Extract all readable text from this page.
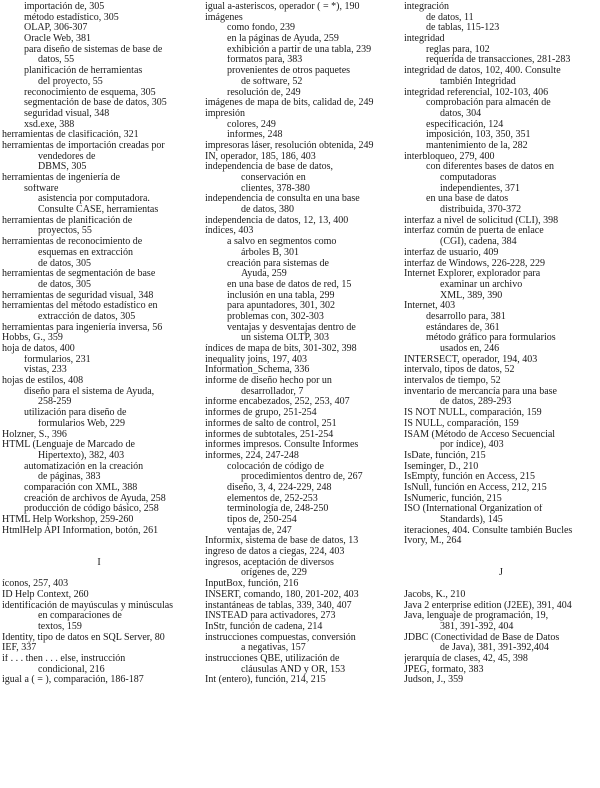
importación de, 305
método estadístico, 305
OLAP, 306-307
Oracle Web, 381
para diseño de sistemas de base de
datos, 55
planificación de herramientas
del proyecto, 55
reconocimiento de esquema, 305
segmentación de base de datos, 305
seguridad visual, 348
xsd.exe, 388
herramientas de clasificación, 321
herramientas de importación creadas por
vendedores de
DBMS, 305
herramientas de ingeniería de
software
asistencia por computadora.
Consulte CASE, herramientas
herramientas de planificación de
proyectos, 55
herramientas de reconocimiento de
esquemas en extracción
de datos, 305
herramientas de segmentación de base
de datos, 305
herramientas de seguridad visual, 348
herramientas del método estadístico en
extracción de datos, 305
herramientas para ingeniería inversa, 56
Hobbs, G., 359
hoja de datos, 400
formularios, 231
vistas, 233
hojas de estilos, 408
diseño para el sistema de Ayuda,
258-259
utilización para diseño de
formularios Web, 229
Holzner, S., 396
HTML (Lenguaje de Marcado de
Hipertexto), 382, 403
automatización en la creación
de páginas, 383
comparación con XML, 388
creación de archivos de Ayuda, 258
producción de código básico, 258
HTML Help Workshop, 259-260
HtmlHelp API Information, botón, 261
I
íconos, 257, 403
ID Help Context, 260
identificación de mayúsculas y minúsculas
en comparaciones de
textos, 159
Identity, tipo de datos en SQL Server, 80
IEF, 337
if . . . then . . . else, instrucción
condicional, 216
igual a ( = ), comparación, 186-187
igual a-asteriscos, operador ( = *), 190
imágenes
como fondo, 239
en la páginas de Ayuda, 259
exhibición a partir de una tabla, 239
formatos para, 383
provenientes de otros paquetes
de software, 52
resolución de, 249
imágenes de mapa de bits, calidad de, 249
impresión
colores, 249
informes, 248
impresoras láser, resolución obtenida, 249
IN, operador, 185, 186, 403
independencia de base de datos,
conservación en
clientes, 378-380
independencia de consulta en una base
de datos, 380
independencia de datos, 12, 13, 400
índices, 403
a salvo en segmentos como
árboles B, 301
creación para sistemas de
Ayuda, 259
en una base de datos de red, 15
inclusión en una tabla, 299
para apuntadores, 301, 302
problemas con, 302-303
ventajas y desventajas dentro de
un sistema OLTP, 303
índices de mapa de bits, 301-302, 398
inequality joins, 197, 403
Information_Schema, 336
informe de diseño hecho por un
desarrollador, 7
informe encabezados, 252, 253, 407
informes de grupo, 251-254
informes de salto de control, 251
informes de subtotales, 251-254
informes impresos. Consulte Informes
informes, 224, 247-248
colocación de código de
procedimientos dentro de, 267
diseño, 3, 4, 224-229, 248
elementos de, 252-253
terminología de, 248-250
tipos de, 250-254
ventajas de, 247
Informix, sistema de base de datos, 13
ingreso de datos a ciegas, 224, 403
ingresos, aceptación de diversos
orígenes de, 229
InputBox, función, 216
INSERT, comando, 180, 201-202, 403
instantáneas de tablas, 339, 340, 407
INSTEAD para activadores, 273
InStr, función de cadena, 214
instrucciones compuestas, conversión
a negativas, 157
instrucciones QBE, utilización de
cláusulas AND y OR, 153
Int (entero), función, 214, 215
integración
de datos, 11
de tablas, 115-123
integridad
reglas para, 102
requerida de transacciones, 281-283
integridad de datos, 102, 400. Consulte
también Integridad
integridad referencial, 102-103, 406
comprobación para almacén de
datos, 304
especificación, 124
imposición, 103, 350, 351
mantenimiento de la, 282
interbloqueo, 279, 400
con diferentes bases de datos en
computadoras
independientes, 371
en una base de datos
distribuida, 370-372
interfaz a nivel de solicitud (CLI), 398
interfaz común de puerta de enlace
(CGI), cadena, 384
interfaz de usuario, 409
interfaz de Windows, 226-228, 229
Internet Explorer, explorador para
examinar un archivo
XML, 389, 390
Internet, 403
desarrollo para, 381
estándares de, 361
método gráfico para formularios
usados en, 246
INTERSECT, operador, 194, 403
intervalo, tipos de datos, 52
intervalos de tiempo, 52
inventario de mercancía para una base
de datos, 289-293
IS NOT NULL, comparación, 159
IS NULL, comparación, 159
ISAM (Método de Acceso Secuencial
por índice), 403
IsDate, función, 215
Iseminger, D., 210
IsEmpty, función en Access, 215
IsNull, función en Access, 212, 215
IsNumeric, función, 215
ISO (International Organization of
Standards), 145
iteraciones, 404. Consulte también Bucles
Ivory, M., 264
J
Jacobs, K., 210
Java 2 enterprise edition (J2EE), 391, 404
Java, lenguaje de programación, 19,
381, 391-392, 404
JDBC (Conectividad de Base de Datos
de Java), 381, 391-392,404
jerarquía de clases, 42, 45, 398
JPEG, formato, 383
Judson, J., 359
